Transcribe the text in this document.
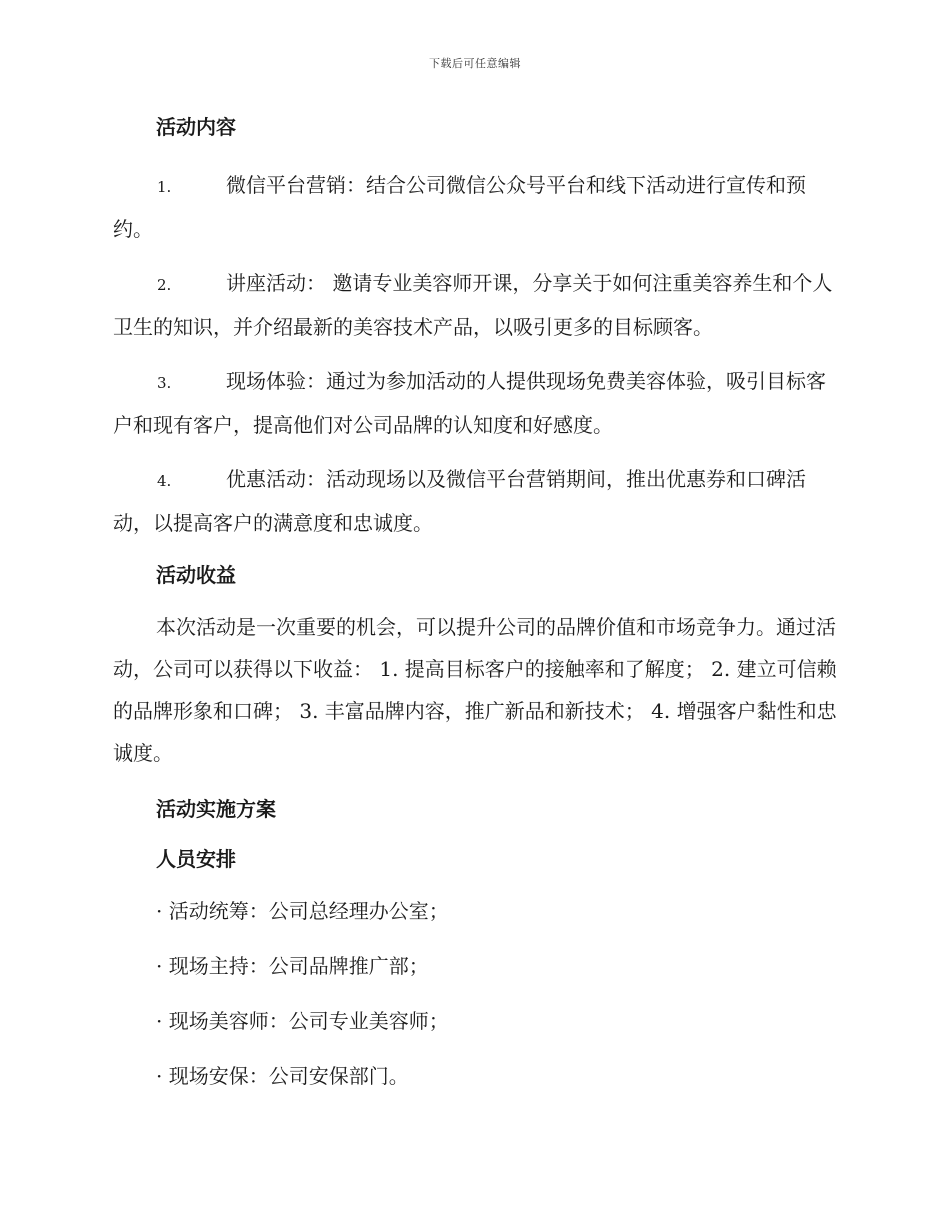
下载后可任意编辑
活动内容
1.	微信平台营销：结合公司微信公众号平台和线下活动进行宣传和预约。
2.	讲座活动： 邀请专业美容师开课，分享关于如何注重美容养生和个人卫生的知识，并介绍最新的美容技术产品，以吸引更多的目标顾客。
3.	现场体验：通过为参加活动的人提供现场免费美容体验，吸引目标客户和现有客户，提高他们对公司品牌的认知度和好感度。
4.	优惠活动：活动现场以及微信平台营销期间，推出优惠券和口碑活动，以提高客户的满意度和忠诚度。
活动收益

本次活动是一次重要的机会，可以提升公司的品牌价值和市场竞争力。通过活动，公司可以获得以下收益： 1. 提高目标客户的接触率和了解度； 2. 建立可信赖的品牌形象和口碑； 3. 丰富品牌内容，推广新品和新技术； 4. 增强客户黏性和忠诚度。

活动实施方案
人员安排
· 活动统筹：公司总经理办公室；
· 现场主持：公司品牌推广部；
· 现场美容师：公司专业美容师；
· 现场安保：公司安保部门。
